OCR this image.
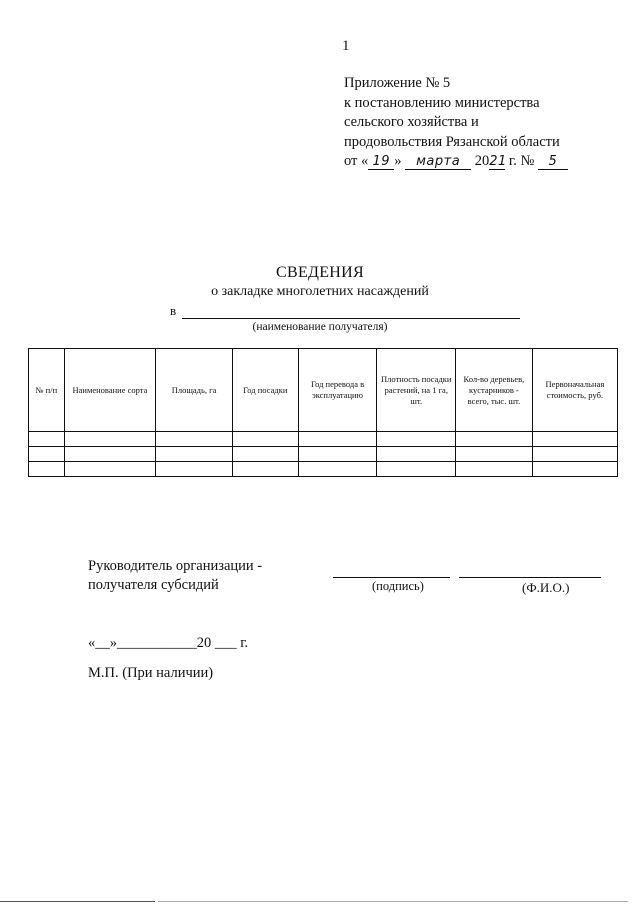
1
Приложение № 5
к постановлению министерства
сельского хозяйства и
продовольствия Рязанской области
от « 19 » марта 2021 г. № 5
СВЕДЕНИЯ
о закладке многолетних насаждений
в
(наименование получателя)
№ п/п	Наименование сорта	Площадь, га	Год посадки	Год перевода в эксплуатацию	Плотность посадки растений, на 1 га, шт.	Кол-во деревьев, кустарников - всего, тыс. шт.	Первоначальная стоимость, руб.

Руководитель организации -
получателя субсидий	(подпись)	(Ф.И.О.)
«__»___________20 ___ г.
М.П. (При наличии)
